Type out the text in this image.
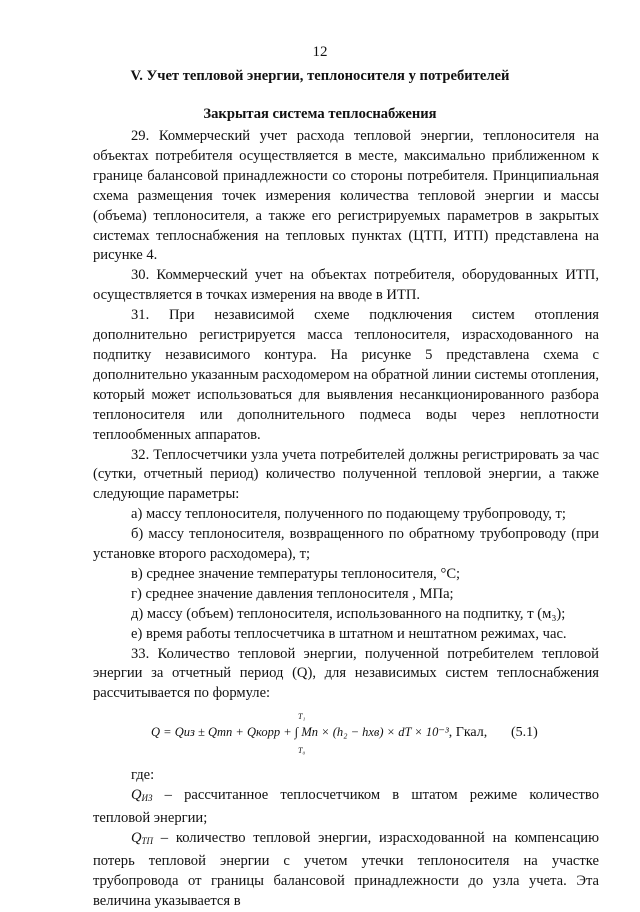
12
V. Учет тепловой энергии, теплоносителя у потребителей
Закрытая система теплоснабжения

29. Коммерческий учет расхода тепловой энергии, теплоносителя на объектах потребителя осуществляется в месте, максимально приближенном к границе балансовой принадлежности со стороны потребителя. Принципиальная схема размещения точек измерения количества тепловой энергии и массы (объема) теплоносителя, а также его регистрируемых параметров в закрытых системах теплоснабжения на тепловых пунктах (ЦТП, ИТП) представлена на рисунке 4.

30. Коммерческий учет на объектах потребителя, оборудованных ИТП, осуществляется в точках измерения на вводе в ИТП.

31. При независимой схеме подключения систем отопления дополнительно регистрируется масса теплоносителя, израсходованного на подпитку независимого контура. На рисунке 5 представлена схема с дополнительно указанным расходомером на обратной линии системы отопления, который может использоваться для выявления несанкционированного разбора теплоносителя или дополнительного подмеса воды через неплотности теплообменных аппаратов.

32. Теплосчетчики узла учета потребителей должны регистрировать за час (сутки, отчетный период) количество полученной тепловой энергии, а также следующие параметры:

а) массу теплоносителя, полученного по подающему трубопроводу, т;

б) массу теплоносителя, возвращенного по обратному трубопроводу (при установке второго расходомера), т;

в) среднее значение температуры теплоносителя, °С;

г) среднее значение давления теплоносителя , МПа;

д) массу (объем) теплоносителя, использованного на подпитку, т (м₃);

е) время работы теплосчетчика в штатном и нештатном режимах, час.

33. Количество тепловой энергии, полученной потребителем тепловой энергии за отчетный период (Q), для независимых систем теплоснабжения рассчитывается по формуле:

T₁
T₀
Q = Qиз ± Qтп + Qкорр + ∫ Mп × (h₂ − hхв) × dT × 10⁻³, Гкал, (5.1)

где:

QИЗ – рассчитанное теплосчетчиком в штатом режиме количество тепловой энергии;

QТП – количество тепловой энергии, израсходованной на компенсацию потерь тепловой энергии с учетом утечки теплоносителя на участке трубопровода от границы балансовой принадлежности до узла учета. Эта величина указывается в
